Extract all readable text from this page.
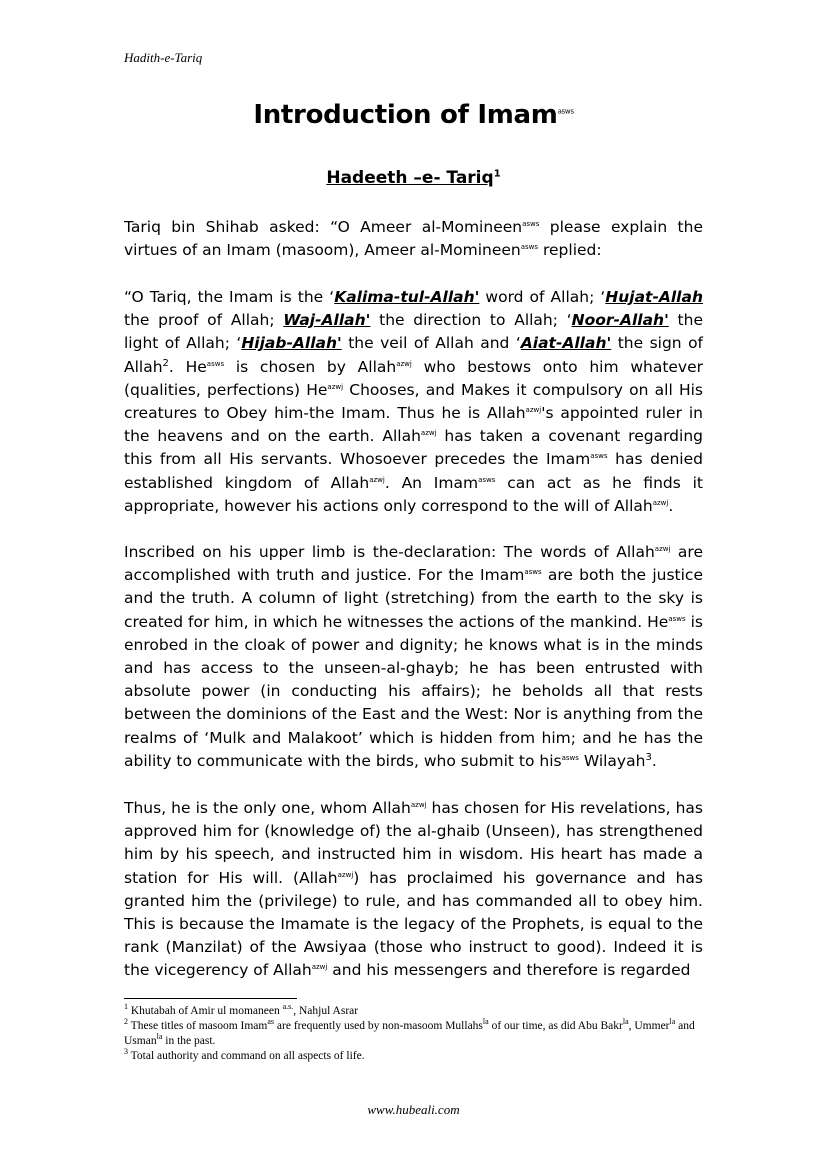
Hadith-e-Tariq
Introduction of Imam$^{asws}$
Hadeeth –e- Tariq$^1$

Tariq bin Shihab asked: “O Ameer al-Momineen$^{asws}$ please explain the virtues of an Imam (masoom), Ameer al-Momineen$^{asws}$ replied:

“O Tariq, the Imam is the ‘Kalima-tul-Allah' word of Allah; ‘Hujat-Allah the proof of Allah; Waj-Allah' the direction to Allah; ‘Noor-Allah' the light of Allah; ‘Hijab-Allah' the veil of Allah and ‘Aiat-Allah' the sign of Allah$^2$. $He^{asws}$ is chosen by Allah$^{azwj}$ who bestows onto him whatever (qualities, perfections) $He^{azwj}$ Chooses, and Makes it compulsory on all His creatures to Obey him-the Imam. Thus he is Allah$^{azwj}$'s appointed ruler in the heavens and on the earth. Allah$^{azwj}$ has taken a covenant regarding this from all His servants. Whosoever precedes the Imam$^{asws}$ has denied established kingdom of Allah$^{azwj}$. An Imam$^{asws}$ can act as he finds it appropriate, however his actions only correspond to the will of Allah$^{azwj}$.

Inscribed on his upper limb is the-declaration: The words of Allah$^{azwj}$ are accomplished with truth and justice. For the Imam$^{asws}$ are both the justice and the truth. A column of light (stretching) from the earth to the sky is created for him, in which he witnesses the actions of the mankind. $He^{asws}$ is enrobed in the cloak of power and dignity; he knows what is in the minds and has access to the unseen-al-ghayb; he has been entrusted with absolute power (in conducting his affairs); he beholds all that rests between the dominions of the East and the West: Nor is anything from the realms of ‘Mulk and Malakoot’ which is hidden from him; and he has the ability to communicate with the birds, who submit to his$^{asws}$ Wilayah$^3$.

Thus, he is the only one, whom Allah$^{azwj}$ has chosen for His revelations, has approved him for (knowledge of) the al-ghaib (Unseen), has strengthened him by his speech, and instructed him in wisdom. His heart has made a station for His will. (Allah$^{azwj}$) has proclaimed his governance and has granted him the (privilege) to rule, and has commanded all to obey him. This is because the Imamate is the legacy of the Prophets, is equal to the rank (Manzilat) of the Awsiyaa (those who instruct to good). Indeed it is the vicegerency of Allah$^{azwj}$ and his messengers and therefore is regarded

$^1$ Khutabah of Amir ul momaneen $^{a.s.}$, Nahjul Asrar

$^2$ These titles of masoom Imam$^{as}$ are frequently used by non-masoom Mullahs$^{la}$ of our time, as did Abu Bakr$^{la}$, Ummer$^{la}$ and Usman$^{la}$ in the past.

$^3$ Total authority and command on all aspects of life.

www.hubeali.com
